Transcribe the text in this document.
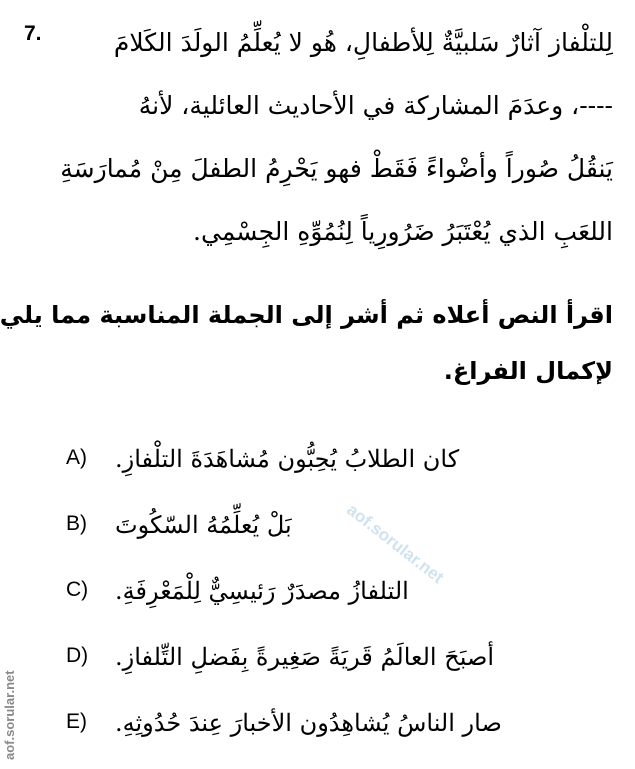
7.	لِلتلْفاز آثارٌ سَلبيَّةٌ لِلأطفالِ، هُو لا يُعلِّمُ الولَدَ الكَلامَ
----، وعدَمَ المشاركة في الأحاديث العائلية، لأنهُ
يَنقُلُ صُوراً وأضْواءً فَقَطْ فهو يَحْرِمُ الطفلَ مِنْ مُمارَسَةِ
اللعَبِ الذي يُعْتَبَرُ ضَرُورِياً لِنُمُوِّهِ الجِسْمِي.
اقرأ النص أعلاه ثم أشر إلى الجملة المناسبة مما يلي
لإكمال الفراغ.
A) كان الطلابُ يُحِبُّون مُشاهَدَةَ التلْفازِ.
B) بَلْ يُعلِّمُهُ السّكُوتَ
C) التلفازُ مصدَرٌ رَئيسِيٌّ لِلْمَعْرِفَةِ.
D) أصبَحَ العالَمُ قَريَةً صَغِيرةً بِفَضلِ التِّلفازِ.
E) صار الناسُ يُشاهِدُون الأخبارَ عِندَ حُدُوثِهِ.
aof.sorular.net
aof.sorular.net
